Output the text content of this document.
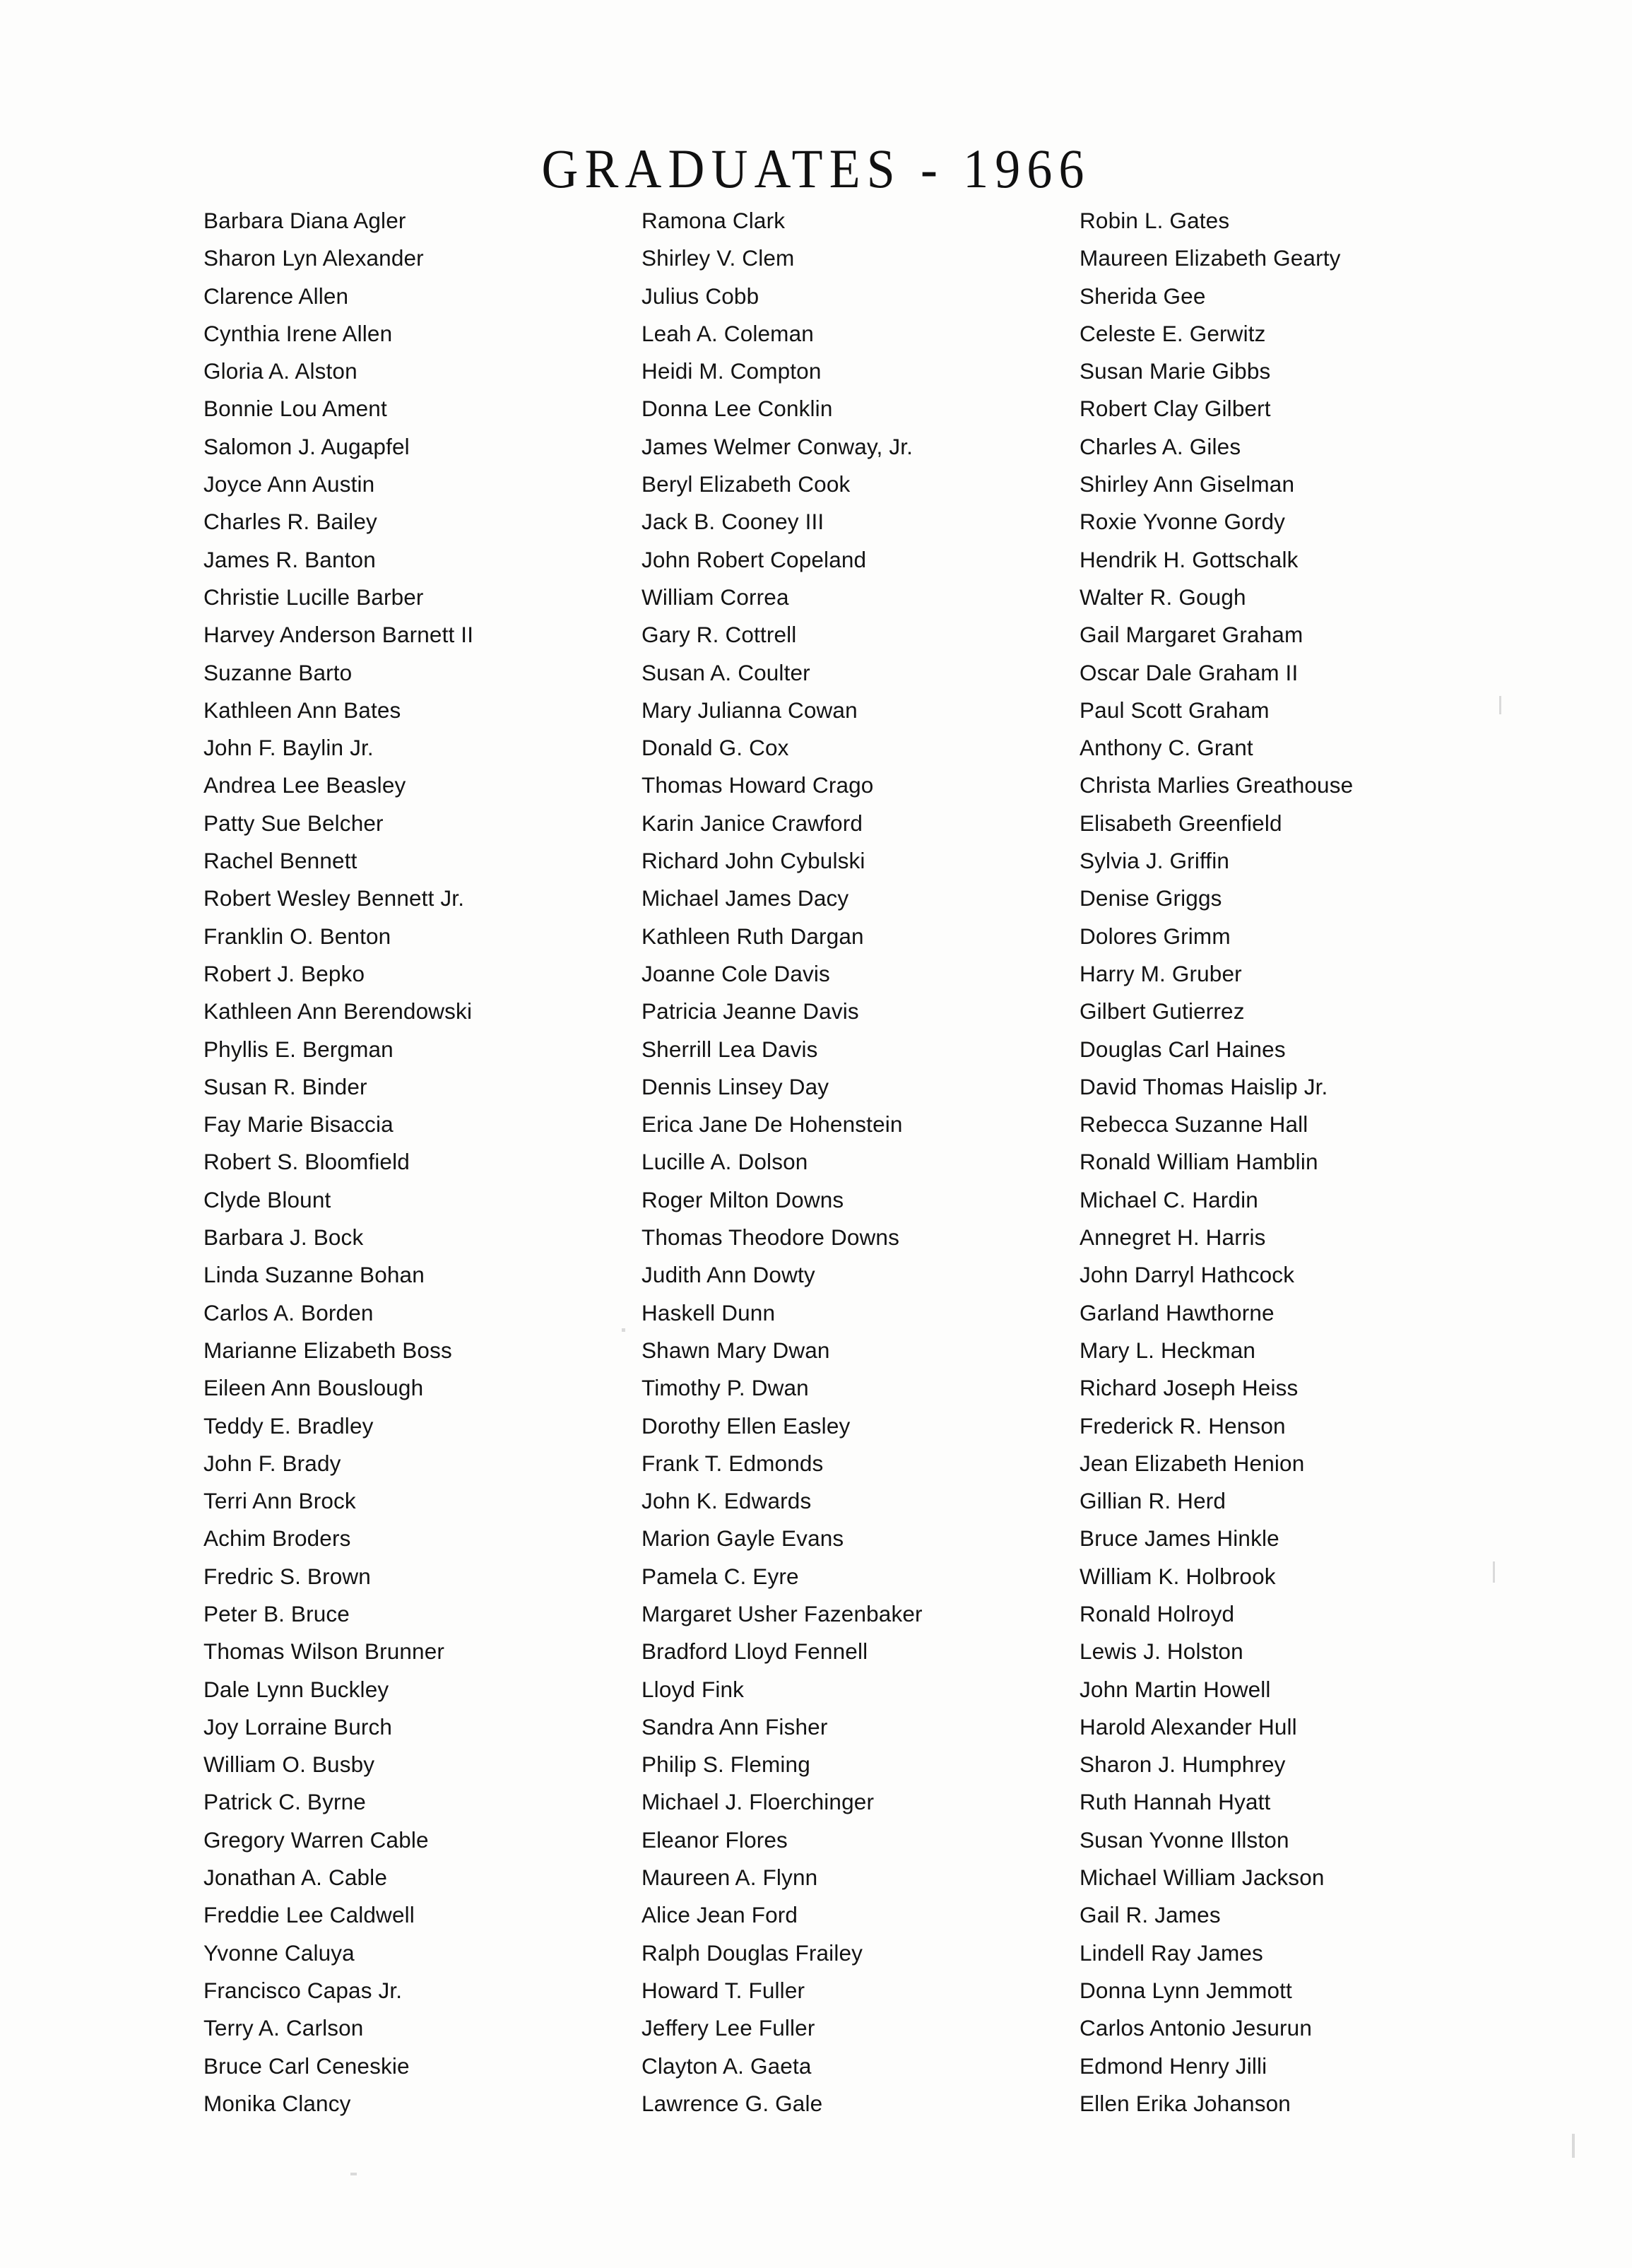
GRADUATES - 1966
Barbara Diana Agler
Sharon Lyn Alexander
Clarence Allen
Cynthia Irene Allen
Gloria A. Alston
Bonnie Lou Ament
Salomon J. Augapfel
Joyce Ann Austin
Charles R. Bailey
James R. Banton
Christie Lucille Barber
Harvey Anderson Barnett II
Suzanne Barto
Kathleen Ann Bates
John F. Baylin Jr.
Andrea Lee Beasley
Patty Sue Belcher
Rachel Bennett
Robert Wesley Bennett Jr.
Franklin O. Benton
Robert J. Bepko
Kathleen Ann Berendowski
Phyllis E. Bergman
Susan R. Binder
Fay Marie Bisaccia
Robert S. Bloomfield
Clyde Blount
Barbara J. Bock
Linda Suzanne Bohan
Carlos A. Borden
Marianne Elizabeth Boss
Eileen Ann Bouslough
Teddy E. Bradley
John F. Brady
Terri Ann Brock
Achim Broders
Fredric S. Brown
Peter B. Bruce
Thomas Wilson Brunner
Dale Lynn Buckley
Joy Lorraine Burch
William O. Busby
Patrick C. Byrne
Gregory Warren Cable
Jonathan A. Cable
Freddie Lee Caldwell
Yvonne Caluya
Francisco Capas Jr.
Terry A. Carlson
Bruce Carl Ceneskie
Monika Clancy
Ramona Clark
Shirley V. Clem
Julius Cobb
Leah A. Coleman
Heidi M. Compton
Donna Lee Conklin
James Welmer Conway, Jr.
Beryl Elizabeth Cook
Jack B. Cooney III
John Robert Copeland
William Correa
Gary R. Cottrell
Susan A. Coulter
Mary Julianna Cowan
Donald G. Cox
Thomas Howard Crago
Karin Janice Crawford
Richard John Cybulski
Michael James Dacy
Kathleen Ruth Dargan
Joanne Cole Davis
Patricia Jeanne Davis
Sherrill Lea Davis
Dennis Linsey Day
Erica Jane De Hohenstein
Lucille A. Dolson
Roger Milton Downs
Thomas Theodore Downs
Judith Ann Dowty
Haskell Dunn
Shawn Mary Dwan
Timothy P. Dwan
Dorothy Ellen Easley
Frank T. Edmonds
John K. Edwards
Marion Gayle Evans
Pamela C. Eyre
Margaret Usher Fazenbaker
Bradford Lloyd Fennell
Lloyd Fink
Sandra Ann Fisher
Philip S. Fleming
Michael J. Floerchinger
Eleanor Flores
Maureen A. Flynn
Alice Jean Ford
Ralph Douglas Frailey
Howard T. Fuller
Jeffery Lee Fuller
Clayton A. Gaeta
Lawrence G. Gale
Robin L. Gates
Maureen Elizabeth Gearty
Sherida Gee
Celeste E. Gerwitz
Susan Marie Gibbs
Robert Clay Gilbert
Charles A. Giles
Shirley Ann Giselman
Roxie Yvonne Gordy
Hendrik H. Gottschalk
Walter R. Gough
Gail Margaret Graham
Oscar Dale Graham II
Paul Scott Graham
Anthony C. Grant
Christa Marlies Greathouse
Elisabeth Greenfield
Sylvia J. Griffin
Denise Griggs
Dolores Grimm
Harry M. Gruber
Gilbert Gutierrez
Douglas Carl Haines
David Thomas Haislip Jr.
Rebecca Suzanne Hall
Ronald William Hamblin
Michael C. Hardin
Annegret H. Harris
John Darryl Hathcock
Garland Hawthorne
Mary L. Heckman
Richard Joseph Heiss
Frederick R. Henson
Jean Elizabeth Henion
Gillian R. Herd
Bruce James Hinkle
William K. Holbrook
Ronald Holroyd
Lewis J. Holston
John Martin Howell
Harold Alexander Hull
Sharon J. Humphrey
Ruth Hannah Hyatt
Susan Yvonne Illston
Michael William Jackson
Gail R. James
Lindell Ray James
Donna Lynn Jemmott
Carlos Antonio Jesurun
Edmond Henry Jilli
Ellen Erika Johanson
